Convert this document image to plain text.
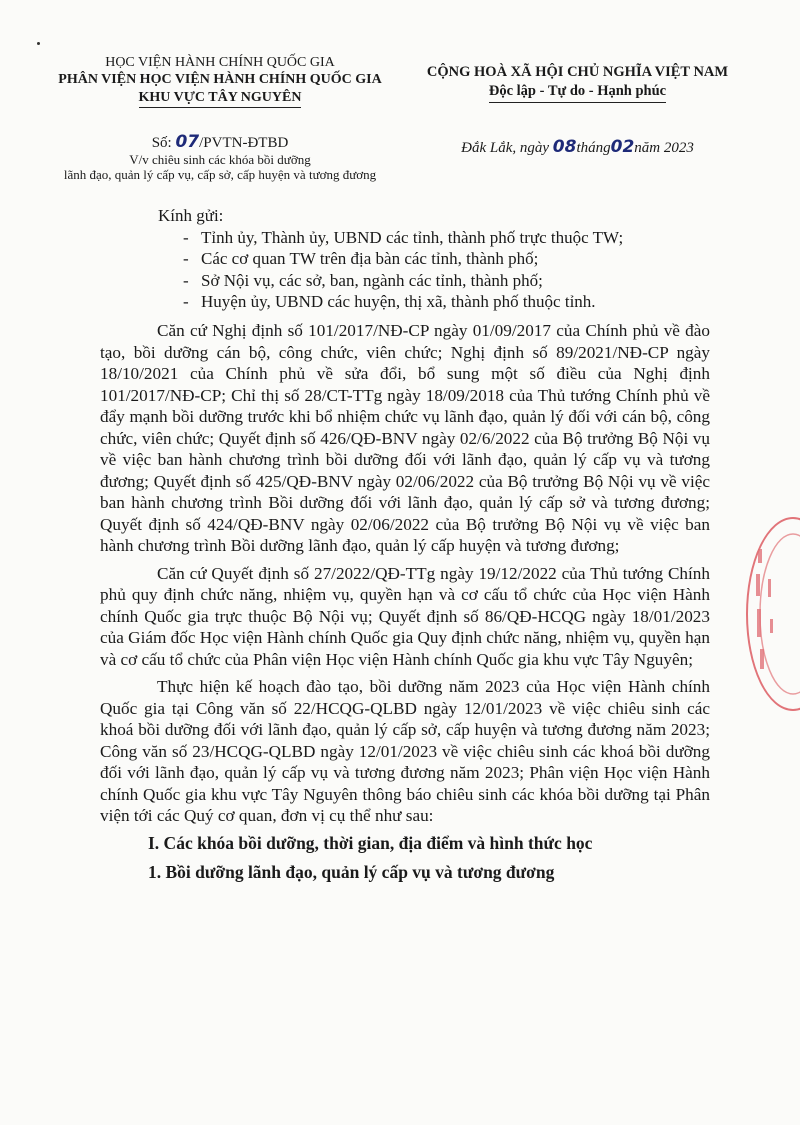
HỌC VIỆN HÀNH CHÍNH QUỐC GIA
PHÂN VIỆN HỌC VIỆN HÀNH CHÍNH QUỐC GIA
KHU VỰC TÂY NGUYÊN
CỘNG HOÀ XÃ HỘI CHỦ NGHĨA VIỆT NAM
Độc lập - Tự do - Hạnh phúc
Số: 07/PVTN-ĐTBD
V/v chiêu sinh các khóa bồi dưỡng
lãnh đạo, quản lý cấp vụ, cấp sở, cấp huyện và tương đương
Đắk Lắk, ngày 08tháng02năm 2023
Kính gửi:
- Tỉnh ủy, Thành ủy, UBND các tỉnh, thành phố trực thuộc TW;
- Các cơ quan TW trên địa bàn các tỉnh, thành phố;
- Sở Nội vụ, các sở, ban, ngành các tỉnh, thành phố;
- Huyện ủy, UBND các huyện, thị xã, thành phố thuộc tỉnh.

Căn cứ Nghị định số 101/2017/NĐ-CP ngày 01/09/2017 của Chính phủ về đào tạo, bồi dưỡng cán bộ, công chức, viên chức; Nghị định số 89/2021/NĐ-CP ngày 18/10/2021 của Chính phủ về sửa đổi, bổ sung một số điều của Nghị định 101/2017/NĐ-CP; Chỉ thị số 28/CT-TTg ngày 18/09/2018 của Thủ tướng Chính phủ về đẩy mạnh bồi dưỡng trước khi bổ nhiệm chức vụ lãnh đạo, quản lý đối với cán bộ, công chức, viên chức; Quyết định số 426/QĐ-BNV ngày 02/6/2022 của Bộ trưởng Bộ Nội vụ về việc ban hành chương trình bồi dưỡng đối với lãnh đạo, quản lý cấp vụ và tương đương; Quyết định số 425/QĐ-BNV ngày 02/06/2022 của Bộ trưởng Bộ Nội vụ về việc ban hành chương trình Bồi dưỡng đối với lãnh đạo, quản lý cấp sở và tương đương; Quyết định số 424/QĐ-BNV ngày 02/06/2022 của Bộ trưởng Bộ Nội vụ về việc ban hành chương trình Bồi dưỡng lãnh đạo, quản lý cấp huyện và tương đương;

Căn cứ Quyết định số 27/2022/QĐ-TTg ngày 19/12/2022 của Thủ tướng Chính phủ quy định chức năng, nhiệm vụ, quyền hạn và cơ cấu tổ chức của Học viện Hành chính Quốc gia trực thuộc Bộ Nội vụ; Quyết định số 86/QĐ-HCQG ngày 18/01/2023 của Giám đốc Học viện Hành chính Quốc gia Quy định chức năng, nhiệm vụ, quyền hạn và cơ cấu tổ chức của Phân viện Học viện Hành chính Quốc gia khu vực Tây Nguyên;

Thực hiện kế hoạch đào tạo, bồi dưỡng năm 2023 của Học viện Hành chính Quốc gia tại Công văn số 22/HCQG-QLBD ngày 12/01/2023 về việc chiêu sinh các khoá bồi dưỡng đối với lãnh đạo, quản lý cấp sở, cấp huyện và tương đương năm 2023; Công văn số 23/HCQG-QLBD ngày 12/01/2023 về việc chiêu sinh các khoá bồi dưỡng đối với lãnh đạo, quản lý cấp vụ và tương đương năm 2023; Phân viện Học viện Hành chính Quốc gia khu vực Tây Nguyên thông báo chiêu sinh các khóa bồi dưỡng tại Phân viện tới các Quý cơ quan, đơn vị cụ thể như sau:

I. Các khóa bồi dưỡng, thời gian, địa điểm và hình thức học
1. Bồi dưỡng lãnh đạo, quản lý cấp vụ và tương đương
